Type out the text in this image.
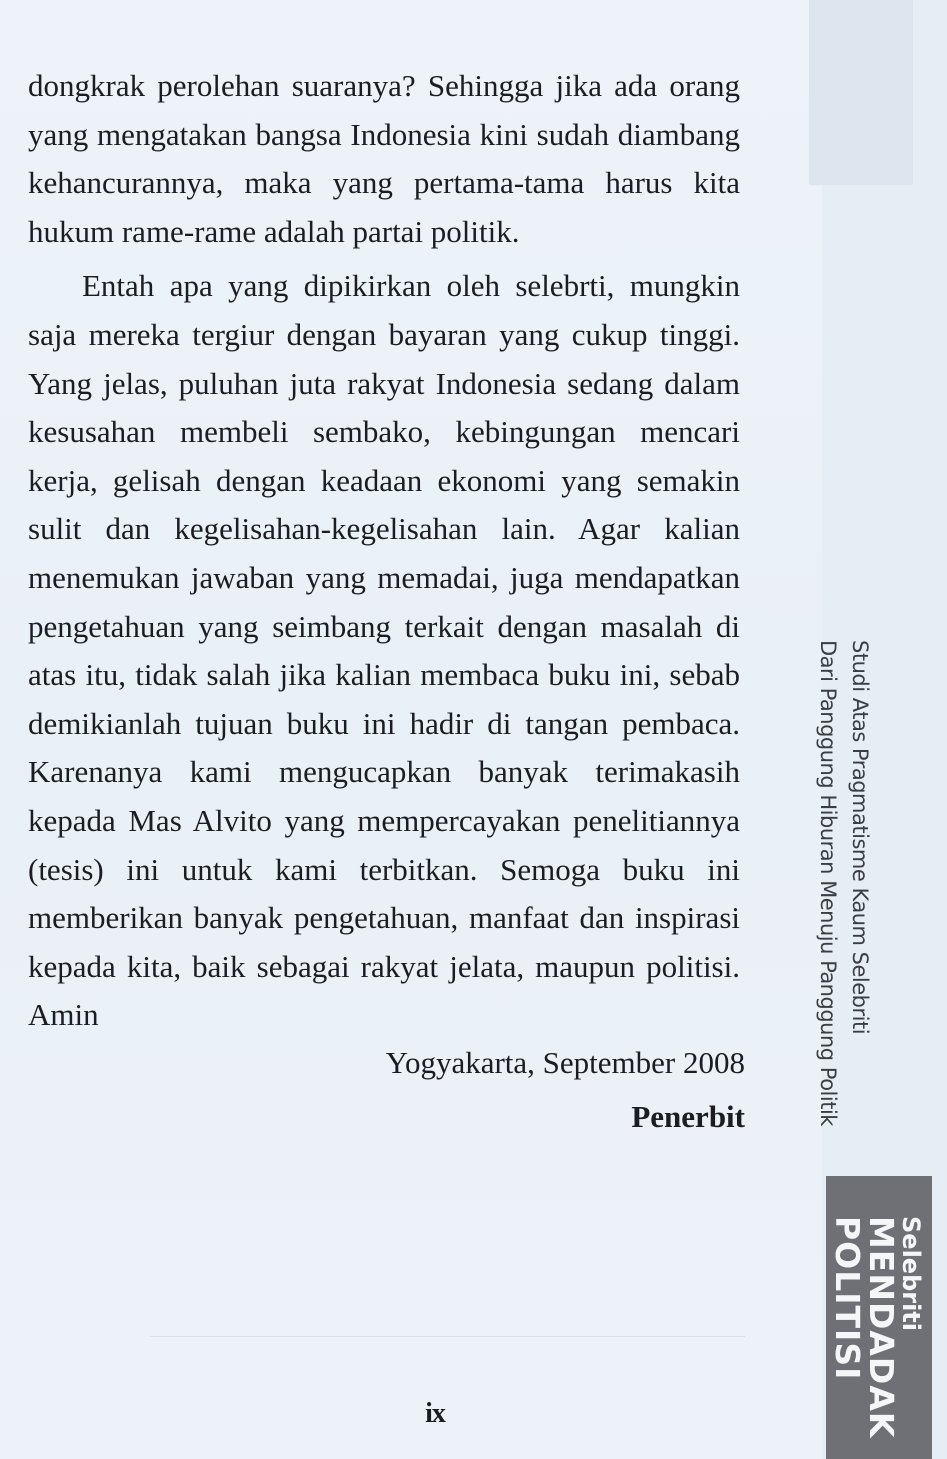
dongkrak perolehan suaranya? Sehingga jika ada orang yang mengatakan bangsa Indonesia kini sudah diambang kehancurannya, maka yang pertama-tama harus kita hukum rame-rame adalah partai politik.

Entah apa yang dipikirkan oleh selebrti, mungkin saja mereka tergiur dengan bayaran yang cukup tinggi. Yang jelas, puluhan juta rakyat Indonesia sedang dalam kesusahan membeli sembako, kebingungan mencari kerja, gelisah dengan keadaan ekonomi yang semakin sulit dan kegelisahan-kegelisahan lain. Agar kalian menemukan jawaban yang memadai, juga mendapatkan pengetahuan yang seimbang terkait dengan masalah di atas itu, tidak salah jika kalian membaca buku ini, sebab demikianlah tujuan buku ini hadir di tangan pembaca. Karenanya kami mengucapkan banyak terimakasih kepada Mas Alvito yang mempercayakan penelitiannya (tesis) ini untuk kami terbitkan. Semoga buku ini memberikan banyak pengetahuan, manfaat dan inspirasi kepada kita, baik sebagai rakyat jelata, maupun politisi. Amin

Yogyakarta, September 2008
Penerbit
ix
Studi Atas Pragmatisme Kaum Selebriti
Dari Panggung Hiburan Menuju Panggung Politik
Selebriti
MENDADAK
POLITISI
